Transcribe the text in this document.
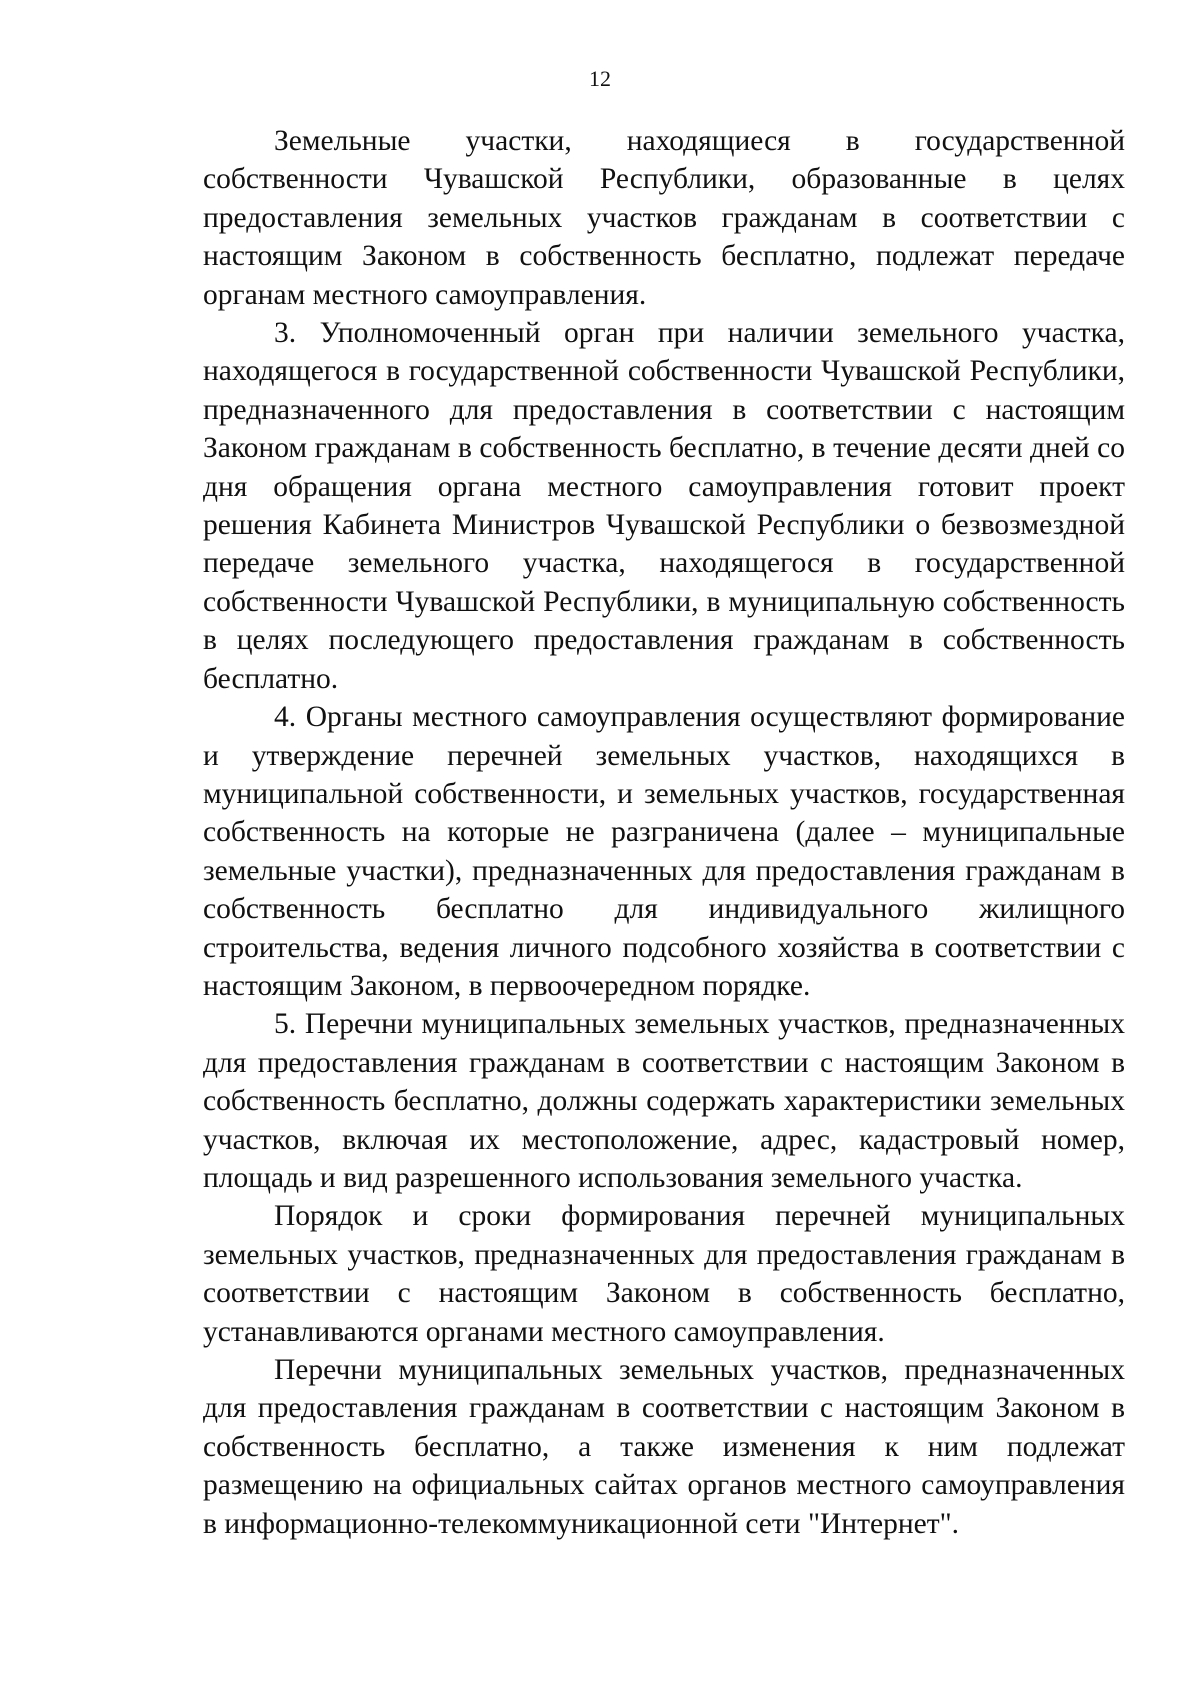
12

Земельные участки, находящиеся в государственной собственности Чувашской Республики, образованные в целях предоставления земельных участков гражданам в соответствии с настоящим Законом в собственность бесплатно, подлежат передаче органам местного самоуправления.

3. Уполномоченный орган при наличии земельного участка, находящегося в государственной собственности Чувашской Республики, предназначенного для предоставления в соответствии с настоящим Законом гражданам в собственность бесплатно, в течение десяти дней со дня обращения органа местного самоуправления готовит проект решения Кабинета Министров Чувашской Республики о безвозмездной передаче земельного участка, находящегося в государственной собственности Чувашской Республики, в муниципальную собственность в целях последующего предоставления гражданам в собственность бесплатно.

4. Органы местного самоуправления осуществляют формирование и утверждение перечней земельных участков, находящихся в муниципальной собственности, и земельных участков, государственная собственность на которые не разграничена (далее – муниципальные земельные участки), предназначенных для предоставления гражданам в собственность бесплатно для индивидуального жилищного строительства, ведения личного подсобного хозяйства в соответствии с настоящим Законом, в первоочередном порядке.

5. Перечни муниципальных земельных участков, предназначенных для предоставления гражданам в соответствии с настоящим Законом в собственность бесплатно, должны содержать характеристики земельных участков, включая их местоположение, адрес, кадастровый номер, площадь и вид разрешенного использования земельного участка.

Порядок и сроки формирования перечней муниципальных земельных участков, предназначенных для предоставления гражданам в соответствии с настоящим Законом в собственность бесплатно, устанавливаются органами местного самоуправления.

Перечни муниципальных земельных участков, предназначенных для предоставления гражданам в соответствии с настоящим Законом в собственность бесплатно, а также изменения к ним подлежат размещению на официальных сайтах органов местного самоуправления в информационно-телекоммуникационной сети "Интернет".
